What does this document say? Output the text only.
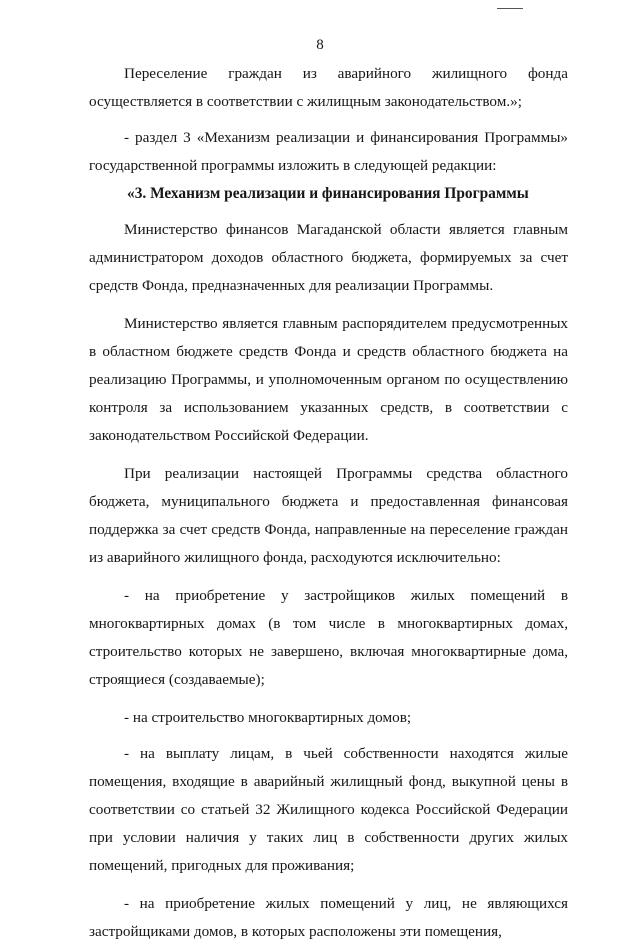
8

Переселение граждан из аварийного жилищного фонда осуществляется в соответствии с жилищным законодательством.»;

- раздел 3 «Механизм реализации и финансирования Программы» государственной программы изложить в следующей редакции:

«3. Механизм реализации и финансирования Программы

Министерство финансов Магаданской области является главным администратором доходов областного бюджета, формируемых за счет средств Фонда, предназначенных для реализации Программы.

Министерство является главным распорядителем предусмотренных в областном бюджете средств Фонда и средств областного бюджета на реализацию Программы, и уполномоченным органом по осуществлению контроля за использованием указанных средств, в соответствии с законодательством Российской Федерации.

При реализации настоящей Программы средства областного бюджета, муниципального бюджета и предоставленная финансовая поддержка за счет средств Фонда, направленные на переселение граждан из аварийного жилищного фонда, расходуются исключительно:

- на приобретение у застройщиков жилых помещений в многоквартирных домах (в том числе в многоквартирных домах, строительство которых не завершено, включая многоквартирные дома, строящиеся (создаваемые);

- на строительство многоквартирных домов;

- на выплату лицам, в чьей собственности находятся жилые помещения, входящие в аварийный жилищный фонд, выкупной цены в соответствии со статьей 32 Жилищного кодекса Российской Федерации при условии наличия у таких лиц в собственности других жилых помещений, пригодных для проживания;

- на приобретение жилых помещений у лиц, не являющихся застройщиками домов, в которых расположены эти помещения,
